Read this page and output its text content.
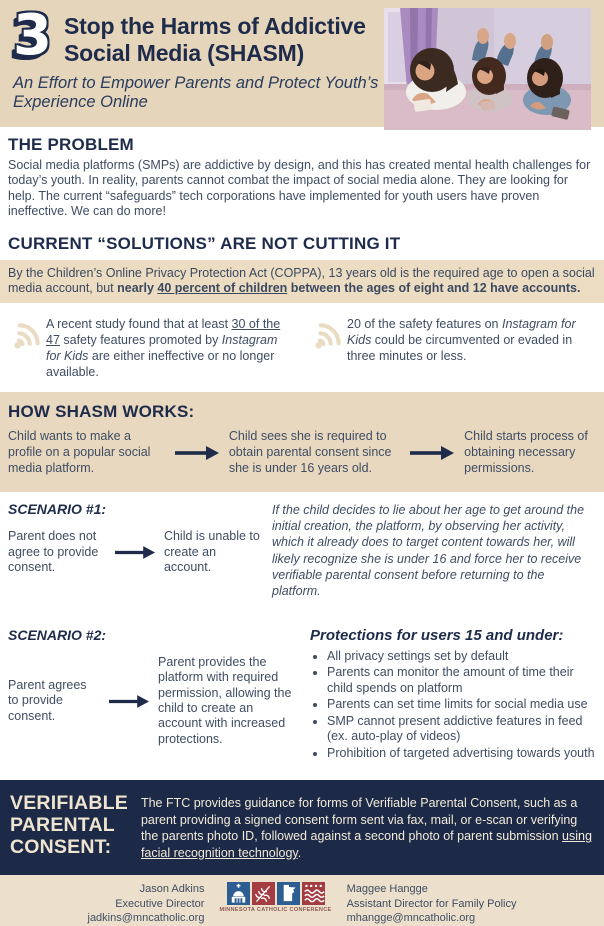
3 Stop the Harms of Addictive
Social Media (SHASM)
An Effort to Empower Parents and Protect Youth’s Experience Online
THE PROBLEM
Social media platforms (SMPs) are addictive by design, and this has created mental health challenges for today’s youth. In reality, parents cannot combat the impact of social media alone. They are looking for help. The current “safeguards” tech corporations have implemented for youth users have proven ineffective. We can do more!
CURRENT “SOLUTIONS” ARE NOT CUTTING IT
By the Children’s Online Privacy Protection Act (COPPA), 13 years old is the required age to open a social media account, but nearly 40 percent of children between the ages of eight and 12 have accounts.
A recent study found that at least 30 of the 47 safety features promoted by Instagram for Kids are either ineffective or no longer available.
20 of the safety features on Instagram for Kids could be circumvented or evaded in three minutes or less.
HOW SHASM WORKS:
Child wants to make a profile on a popular social media platform.
Child sees she is required to obtain parental consent since she is under 16 years old.
Child starts process of obtaining necessary permissions.
SCENARIO #1:
Parent does not agree to provide consent.
Child is unable to create an account.
If the child decides to lie about her age to get around the initial creation, the platform, by observing her activity, which it already does to target content towards her, will likely recognize she is under 16 and force her to receive verifiable parental consent before returning to the platform.
SCENARIO #2:
Parent agrees to provide consent.
Parent provides the platform with required permission, allowing the child to create an account with increased protections.
Protections for users 15 and under:
• All privacy settings set by default
• Parents can monitor the amount of time their child spends on platform
• Parents can set time limits for social media use
• SMP cannot present addictive features in feed (ex. auto-play of videos)
• Prohibition of targeted advertising towards youth
VERIFIABLE
PARENTAL
CONSENT:
The FTC provides guidance for forms of Verifiable Parental Consent, such as a parent providing a signed consent form sent via fax, mail, or e-scan or verifying the parents photo ID, followed against a second photo of parent submission using facial recognition technology.
Jason Adkins
Executive Director
jadkins@mncatholic.org
MINNESOTA CATHOLIC CONFERENCE
Maggee Hangge
Assistant Director for Family Policy
mhangge@mncatholic.org
